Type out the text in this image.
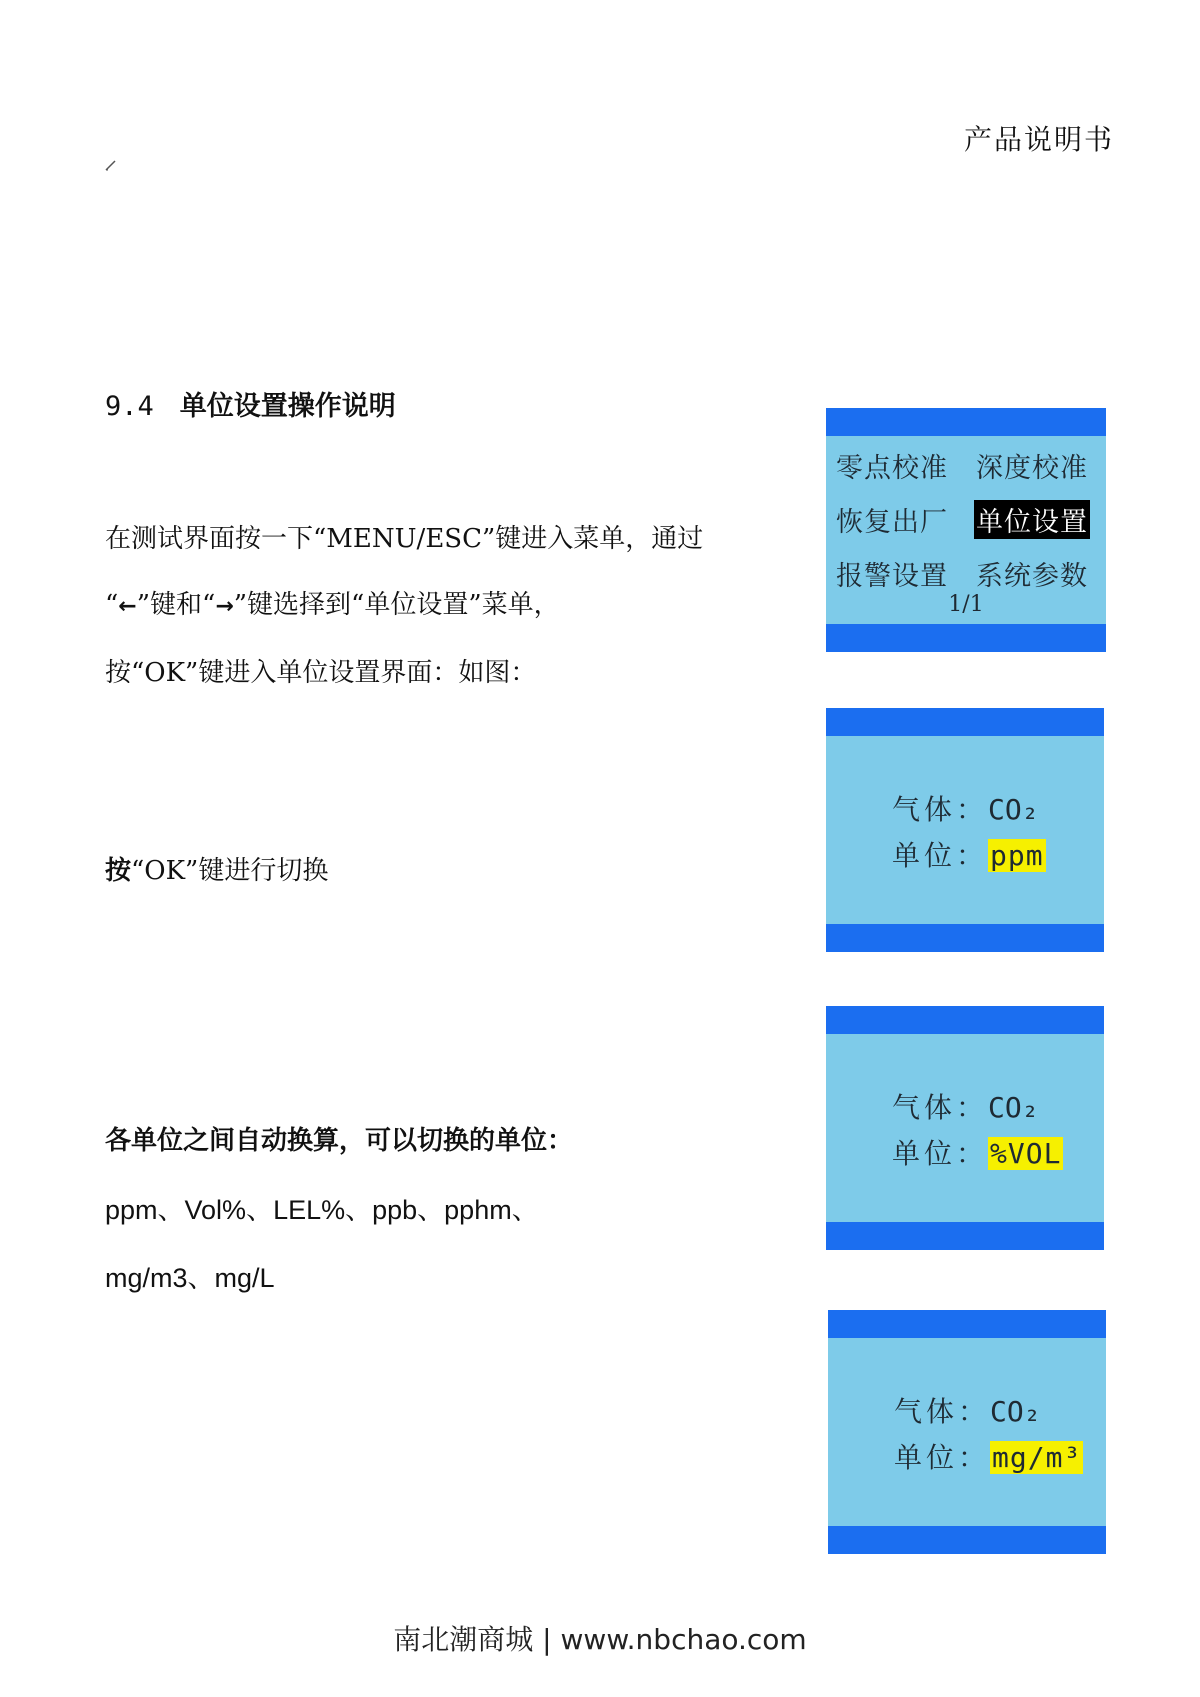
产品说明书
9.4 单位设置操作说明
在测试界面按一下“MENU/ESC”键进入菜单，通过
“←”键和“→”键选择到“单位设置”菜单，
按“OK”键进入单位设置界面：如图：
按“OK”键进行切换
各单位之间自动换算，可以切换的单位：
ppm、Vol%、LEL%、ppb、pphm、
mg/m3、mg/L
零点校准 深度校准
恢复出厂 单位设置
报警设置 系统参数
1/1
气体：CO₂
单位：ppm
气体：CO₂
单位：%VOL
气体：CO₂
单位：mg/m³
南北潮商城 | www.nbchao.com
